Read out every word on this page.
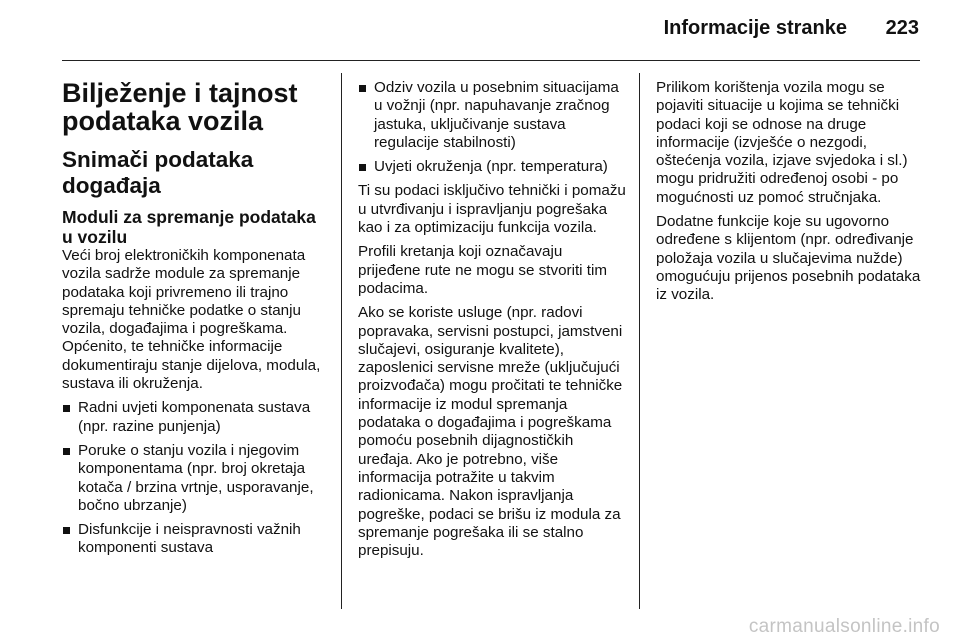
Informacije stranke 223
Bilježenje i tajnost podataka vozila
Snimači podataka događaja
Moduli za spremanje podataka u vozilu

Veći broj elektroničkih komponenata vozila sadrže module za spremanje podataka koji privremeno ili trajno spremaju tehničke podatke o stanju vozila, događajima i pogreškama. Općenito, te tehničke informacije dokumentiraju stanje dijelova, modula, sustava ili okruženja.

Radni uvjeti komponenata sustava (npr. razine punjenja)
Poruke o stanju vozila i njegovim komponentama (npr. broj okretaja kotača / brzina vrtnje, usporavanje, bočno ubrzanje)
Disfunkcije i neispravnosti važnih komponenti sustava
Odziv vozila u posebnim situacijama u vožnji (npr. napuhavanje zračnog jastuka, uključivanje sustava regulacije stabilnosti)
Uvjeti okruženja (npr. temperatura)

Ti su podaci isključivo tehnički i pomažu u utvrđivanju i ispravljanju pogrešaka kao i za optimizaciju funkcija vozila.

Profili kretanja koji označavaju prijeđene rute ne mogu se stvoriti tim podacima.

Ako se koriste usluge (npr. radovi popravaka, servisni postupci, jamstveni slučajevi, osiguranje kvalitete), zaposlenici servisne mreže (uključujući proizvođača) mogu pročitati te tehničke informacije iz modul spremanja podataka o događajima i pogreškama pomoću posebnih dijagnostičkih uređaja. Ako je potrebno, više informacija potražite u takvim radionicama. Nakon ispravljanja pogreške, podaci se brišu iz modula za spremanje pogrešaka ili se stalno prepisuju.

Prilikom korištenja vozila mogu se pojaviti situacije u kojima se tehnički podaci koji se odnose na druge informacije (izvješće o nezgodi, oštećenja vozila, izjave svjedoka i sl.) mogu pridružiti određenoj osobi - po mogućnosti uz pomoć stručnjaka.

Dodatne funkcije koje su ugovorno određene s klijentom (npr. određivanje položaja vozila u slučajevima nužde) omogućuju prijenos posebnih podataka iz vozila.

carmanualsonline.info
